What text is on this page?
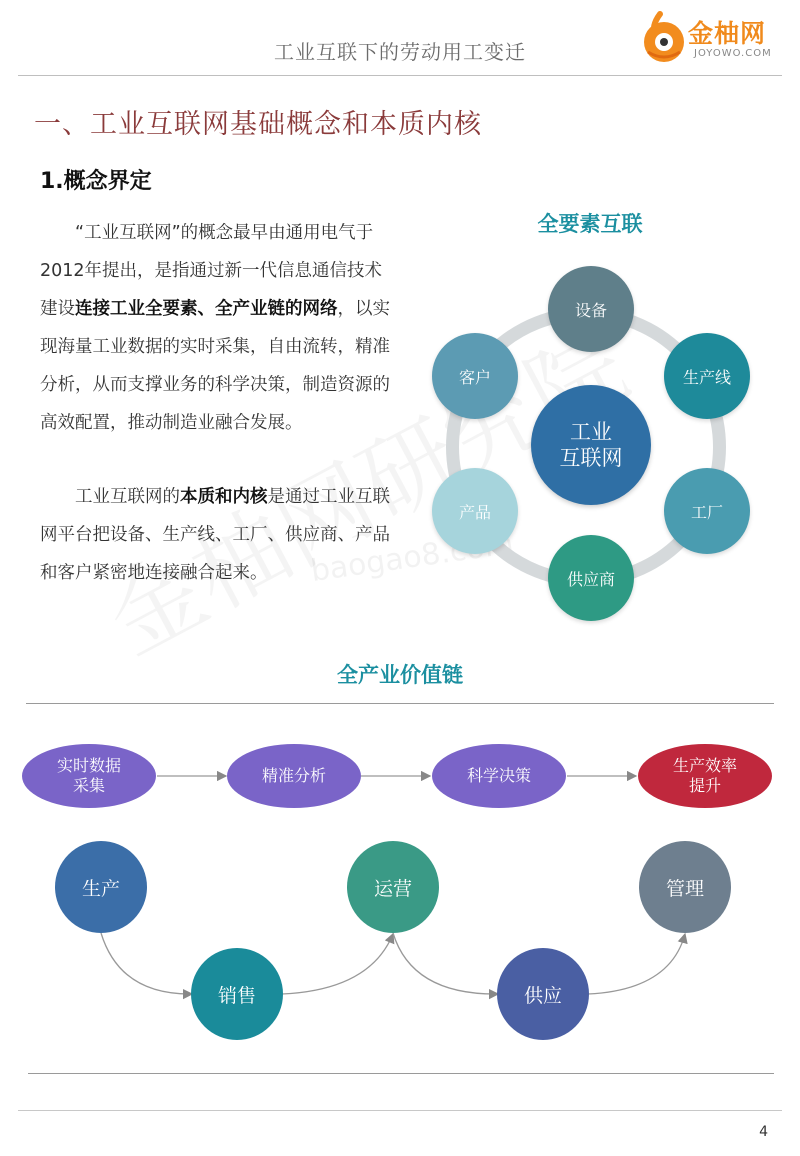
工业互联下的劳动用工变迁
金柚网
JOYOWO.COM
baogao8.com
一、工业互联网基础概念和本质内核
1.概念界定
“工业互联网”的概念最早由通用电气于2012年提出，是指通过新一代信息通信技术建设连接工业全要素、全产业链的网络，以实现海量工业数据的实时采集，自由流转，精准分析，从而支撑业务的科学决策，制造资源的高效配置，推动制造业融合发展。
工业互联网的本质和内核是通过工业互联网平台把设备、生产线、工厂、供应商、产品和客户紧密地连接融合起来。
全要素互联
工业
互联网
设备
生产线
工厂
供应商
产品
客户
全产业价值链
实时数据
采集
精准分析	科学决策
生产效率
提升
生产
销售
运营
供应
管理
4
